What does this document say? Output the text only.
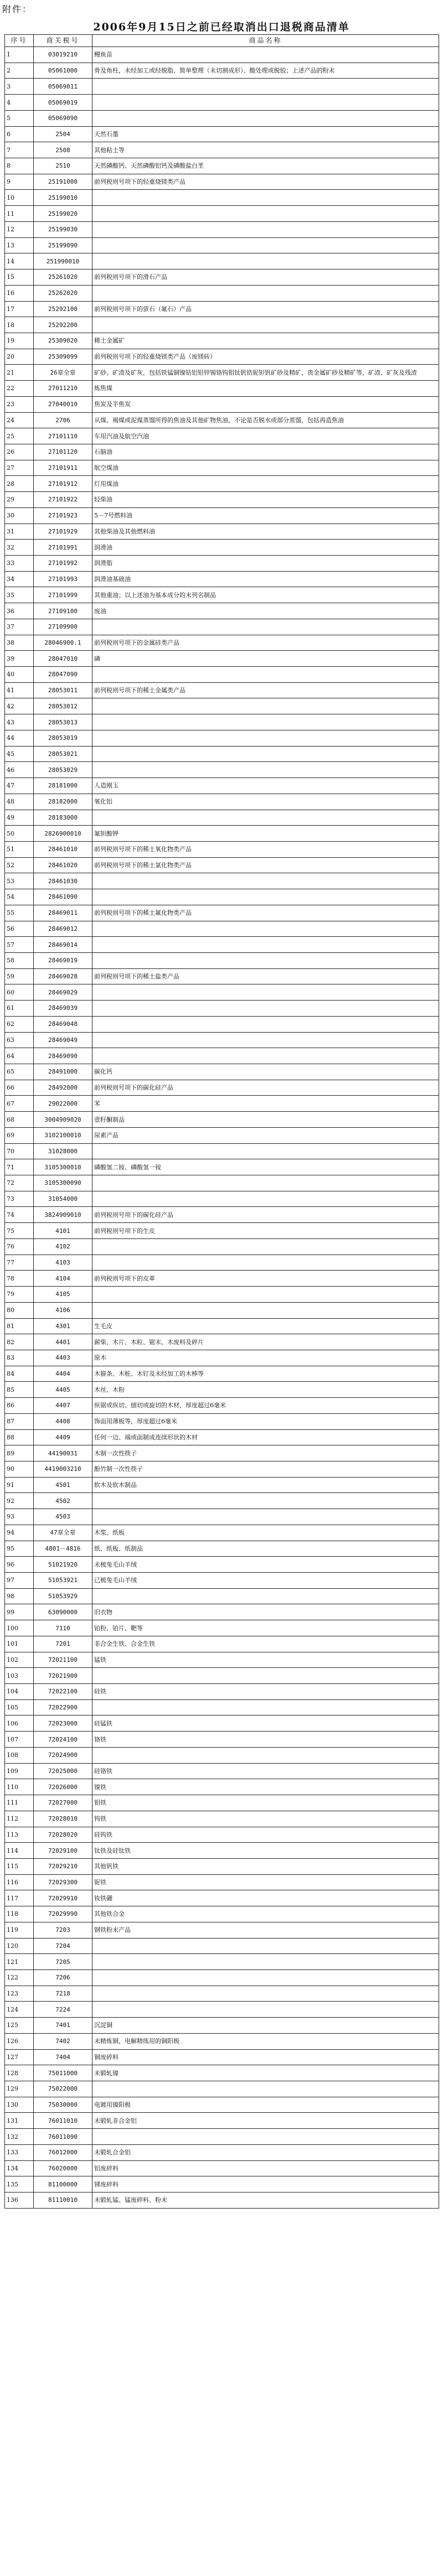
附件：
2006年9月15日之前已经取消出口退税商品清单
序号	商关税号	商品名称
1	03019210	鳗鱼苗
2	05061000	骨及角柱，未经加工或经脱脂、简单整理（未切割成形）、酸处理或脱胶；上述产品的粉末
3	05069011	
4	05069019	
5	05069090	
6	2504	天然石墨
7	2508	其他粘土等
8	2510	天然磷酸钙、天然磷酸铝钙及磷酸盐白垩
9	25191000	前列税则号项下的轻重烧镁类产品
10	25199010	
11	25199020	
12	25199030	
13	25199090	
14	251990010	
15	25261020	前列税则号项下的滑石产品
16	25262020	
17	25292100	前列税则号项下的萤石（氟石）产品
18	25292200	
19	25309020	稀土金属矿
20	25309099	前列税则号项下的轻重烧镁类产品（废镁砖）
21	26章全章	矿砂、矿渣及矿灰，包括铁锰铜镍钴铝铅锌锡铬钨钼钛钒锆铌钽钒矿砂及精矿，贵金属矿砂及精矿等，矿渣、矿灰及残渣
22	27011210	炼焦煤
23	27040010	焦炭及半焦炭
24	2706	从煤、褐煤或泥煤蒸馏所得的焦油及其他矿物焦油，不论是否脱水或部分蒸馏，包括再造焦油
25	27101110	车用汽油及航空汽油
26	27101120	石脑油
27	27101911	航空煤油
28	27101912	灯用煤油
29	27101922	轻柴油
30	27101923	5－7号燃料油
31	27101929	其他柴油及其他燃料油
32	27101991	润滑油
33	27101992	润滑脂
34	27101993	润滑油基础油
35	27101999	其他重油；以上述油为基本成分的未列名制品
36	27109100	废油
37	27109900	
38	28046900.1	前列税则号项下的金属硅类产品
39	28047010	磷
40	28047090	
41	28053011	前列税则号项下的稀土金属类产品
42	28053012	
43	28053013	
44	28053019	
45	28053021	
46	28053029	
47	28181000	人造刚玉
48	28182000	氧化铝
49	28183000	
50	2826900010	氟钽酸钾
51	28461010	前列税则号项下的稀土氧化物类产品
52	28461020	前列税则号项下的稀土氯化物类产品
53	28461030	
54	28461090	
55	28469011	前列税则号项下的稀土氟化物类产品
56	28469012	
57	28469014	
58	28469019	
59	28469028	前列税则号项下的稀土盐类产品
60	28469029	
61	28469039	
62	28469048	
63	28469049	
64	28469090	
65	28491000	碳化钙
66	28492000	前列税则号项下的碳化硅产品
67	29022000	苯
68	3004909020	壹籽酮制品
69	3102100010	尿素产品
70	31028000	
71	3105300010	磷酸氢二铵、磷酸氢一铵
72	3105300090	
73	31054000	
74	3824909010	前列税则号项下的碳化硅产品
75	4101	前列税则号项下的生皮
76	4102	
77	4103	
78	4104	前列税则号项下的皮革
79	4105	
80	4106	
81	4301	生毛皮
82	4401	薪柴、木片、木粒、锯末、木废料及碎片
83	4403	原木
84	4404	木箍条、木桩、木钉及未经加工的木棒等
85	4405	木丝、木粉
86	4407	纵锯或纵切、刨切或旋切的木材，厚度超过6毫米
87	4408	饰面用薄板等，厚度超过6毫米
88	4409	任何一边、端或面制成连续形状的木材
89	44190031	木制一次性筷子
90	4419003210	酚竹制一次性筷子
91	4501	软木及软木制品
92	4502	
93	4503	
94	47章全章	木浆、纸板
95	4801－4816	纸、纸板、纸制品
96	51021920	未梳兔毛山羊绒
97	51053921	已梳兔毛山羊绒
98	51053929	
99	63090000	旧衣物
100	7110	铂粉、铂片、靶等
101	7201	非合金生铁、合金生铁
102	72021100	锰铁
103	72021900	
104	72022100	硅铁
105	72022900	
106	72023000	硅锰铁
107	72024100	铬铁
108	72024900	
109	72025000	硅铬铁
110	72026000	镍铁
111	72027000	钼铁
112	72028010	钨铁
113	72028020	硅钨铁
114	72029100	钛铁及硅钛铁
115	72029210	其他钒铁
116	72029300	铌铁
117	72029910	钕铁硼
118	72029990	其他铁合金
119	7203	钢铁粉末产品
120	7204	
121	7205	
122	7206	
123	7218	
124	7224	
125	7401	沉淀铜
126	7402	未精炼铜，电解精练用的铜阳极
127	7404	铜废碎料
128	75011000	未锻轧镍
129	75022000	
130	75030000	电镀用镍阳极
131	76011010	未锻轧非合金铝
132	76011090	
133	76012000	未锻轧合金铝
134	76020000	铝废碎料
135	81100000	锑废碎料
136	81110010	未锻轧锰、锰废碎料、粉末
